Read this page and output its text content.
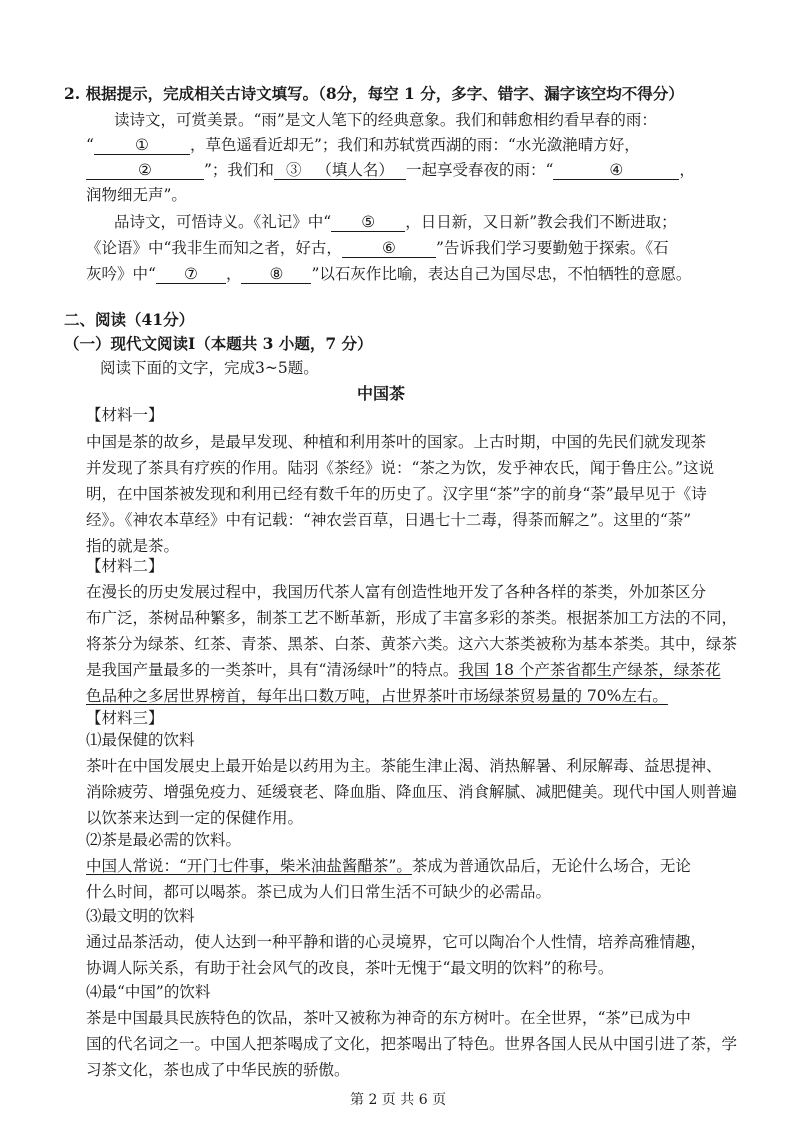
2. 根据提示，完成相关古诗文填写。（8分，每空 1 分，多字、错字、漏字该空均不得分）
读诗文，可赏美景。“雨”是文人笔下的经典意象。我们和韩愈相约看早春的雨：
“	①	，草色遥看近却无”；我们和苏轼赏西湖的雨：“水光潋滟晴方好，
②	”；我们和 ③ （填人名） 一起享受春夜的雨：“	④	，
润物细无声”。
品诗文，可悟诗义。《礼记》中“ ⑤ ，日日新，又日新”教会我们不断进取；
《论语》中“我非生而知之者，好古，	⑥	”告诉我们学习要勤勉于探索。《石
灰吟》中“ ⑦ ， ⑧ ”以石灰作比喻，表达自己为国尽忠，不怕牺牲的意愿。
二、阅读（41分）
（一）现代文阅读Ⅰ（本题共 3 小题，7 分）
阅读下面的文字，完成3~5题。
中国茶
【材料一】
中国是茶的故乡，是最早发现、种植和利用茶叶的国家。上古时期，中国的先民们就发现茶
并发现了茶具有疗疾的作用。陆羽《茶经》说：“茶之为饮，发乎神农氏，闻于鲁庄公。”这说
明，在中国茶被发现和利用已经有数千年的历史了。汉字里“茶”字的前身“荼”最早见于《诗
经》。《神农本草经》中有记载：“神农尝百草，日遇七十二毒，得荼而解之”。这里的“荼”
指的就是茶。
【材料二】
在漫长的历史发展过程中，我国历代茶人富有创造性地开发了各种各样的茶类，外加茶区分
布广泛，茶树品种繁多，制茶工艺不断革新，形成了丰富多彩的茶类。根据茶加工方法的不同，
将茶分为绿茶、红茶、青茶、黑茶、白茶、黄茶六类。这六大茶类被称为基本茶类。其中，绿茶
是我国产量最多的一类茶叶，具有“清汤绿叶”的特点。我国 18 个产茶省都生产绿茶，绿茶花
色品种之多居世界榜首，每年出口数万吨，占世界茶叶市场绿茶贸易量的 70%左右。
【材料三】
⑴最保健的饮料
茶叶在中国发展史上最开始是以药用为主。茶能生津止渴、消热解暑、利尿解毒、益思提神、
消除疲劳、增强免疫力、延缓衰老、降血脂、降血压、消食解腻、减肥健美。现代中国人则普遍
以饮茶来达到一定的保健作用。
⑵茶是最必需的饮料。
中国人常说：“开门七件事，柴米油盐酱醋茶”。茶成为普通饮品后，无论什么场合，无论
什么时间，都可以喝茶。茶已成为人们日常生活不可缺少的必需品。
⑶最文明的饮料
通过品茶活动，使人达到一种平静和谐的心灵境界，它可以陶冶个人性情，培养高雅情趣，
协调人际关系，有助于社会风气的改良，茶叶无愧于“最文明的饮料”的称号。
⑷最“中国”的饮料
茶是中国最具民族特色的饮品，茶叶又被称为神奇的东方树叶。在全世界，“茶”已成为中
国的代名词之一。中国人把茶喝成了文化，把茶喝出了特色。世界各国人民从中国引进了茶，学
习茶文化，茶也成了中华民族的骄傲。
第 2 页 共 6 页
